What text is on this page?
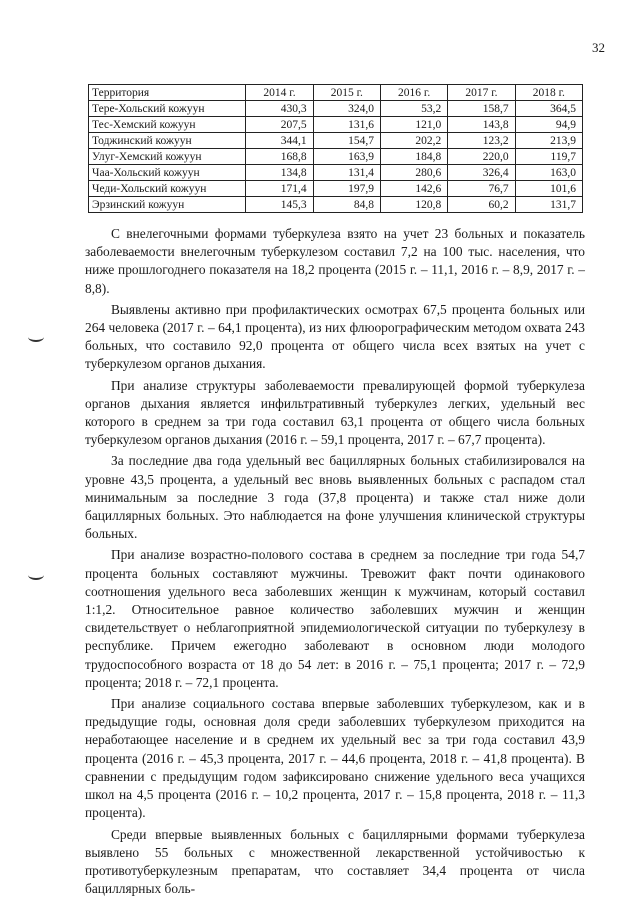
32
Территория	2014 г.	2015 г.	2016 г.	2017 г.	2018 г.
Тере-Хольский кожуун	430,3	324,0	53,2	158,7	364,5
Тес-Хемский кожуун	207,5	131,6	121,0	143,8	94,9
Тоджинский кожуун	344,1	154,7	202,2	123,2	213,9
Улуг-Хемский кожуун	168,8	163,9	184,8	220,0	119,7
Чаа-Хольский кожуун	134,8	131,4	280,6	326,4	163,0
Чеди-Хольский кожуун	171,4	197,9	142,6	76,7	101,6
Эрзинский кожуун	145,3	84,8	120,8	60,2	131,7

С внелегочными формами туберкулеза взято на учет 23 больных и показатель заболеваемости внелегочным туберкулезом составил 7,2 на 100 тыс. населения, что ниже прошлогоднего показателя на 18,2 процента (2015 г. – 11,1, 2016 г. – 8,9, 2017 г. – 8,8).

Выявлены активно при профилактических осмотрах 67,5 процента больных или 264 человека (2017 г. – 64,1 процента), из них флюорографическим методом охвата 243 больных, что составило 92,0 процента от общего числа всех взятых на учет с туберкулезом органов дыхания.

При анализе структуры заболеваемости превалирующей формой туберкулеза органов дыхания является инфильтративный туберкулез легких, удельный вес которого в среднем за три года составил 63,1 процента от общего числа больных туберкулезом органов дыхания (2016 г. – 59,1 процента, 2017 г. – 67,7 процента).

За последние два года удельный вес бациллярных больных стабилизировался на уровне 43,5 процента, а удельный вес вновь выявленных больных с распадом стал минимальным за последние 3 года (37,8 процента) и также стал ниже доли бациллярных больных. Это наблюдается на фоне улучшения клинической структуры больных.

При анализе возрастно-полового состава в среднем за последние три года 54,7 процента больных составляют мужчины. Тревожит факт почти одинакового соотношения удельного веса заболевших женщин к мужчинам, который составил 1:1,2. Относительное равное количество заболевших мужчин и женщин свидетельствует о неблагоприятной эпидемиологической ситуации по туберкулезу в республике. Причем ежегодно заболевают в основном люди молодого трудоспособного возраста от 18 до 54 лет: в 2016 г. – 75,1 процента; 2017 г. – 72,9 процента; 2018 г. – 72,1 процента.

При анализе социального состава впервые заболевших туберкулезом, как и в предыдущие годы, основная доля среди заболевших туберкулезом приходится на неработающее население и в среднем их удельный вес за три года составил 43,9 процента (2016 г. – 45,3 процента, 2017 г. – 44,6 процента, 2018 г. – 41,8 процента). В сравнении с предыдущим годом зафиксировано снижение удельного веса учащихся школ на 4,5 процента (2016 г. – 10,2 процента, 2017 г. – 15,8 процента, 2018 г. – 11,3 процента).

Среди впервые выявленных больных с бациллярными формами туберкулеза выявлено 55 больных с множественной лекарственной устойчивостью к противотуберкулезным препаратам, что составляет 34,4 процента от числа бациллярных боль-
